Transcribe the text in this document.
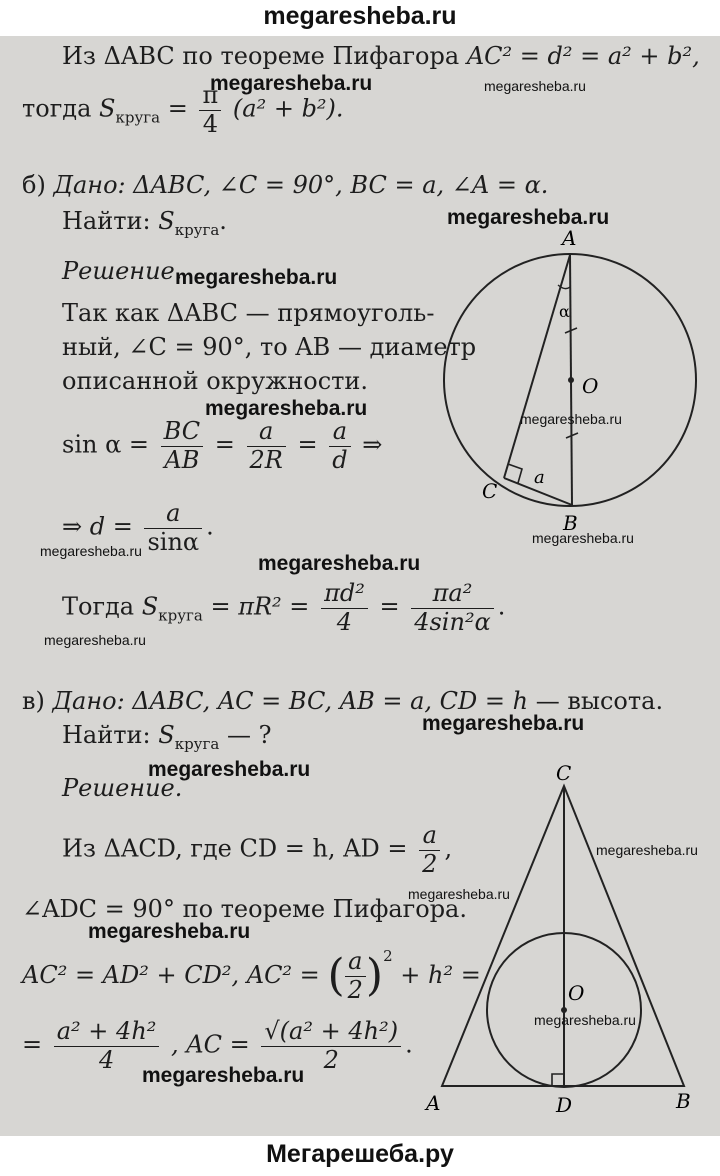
megaresheba.ru
Из ΔABC по теореме Пифагора AC² = d² = a² + b²,
тогда $S_{круга} = \frac{\pi}{4} (a^2 + b^2)$.
б) Дано: ΔABC, ∠C = 90°, BC = a, ∠A = α.
Найти: $S_{круга}$.
Решение.
Так как ΔABC — прямоуголь-
ный, ∠C = 90°, то AB — диаметр
описанной окружности.
$\sin \alpha = \frac{BC}{AB} = \frac{a}{2R} = \frac{a}{d}$ ⇒
⇒ $d = \frac{a}{\sin\alpha}$ .
Тогда $S_{круга} = \pi R^2 = \frac{\text{πd²}}{4} = \frac{\text{πa²}}{\text{4sin²α}}$ .
A
B
C
O
α
a
в) Дано: ΔABC, AC = BC, AB = a, CD = h — высота.
Найти: $S_{круга}$ — ?
Решение.
Из ΔACD, где CD = h, AD = $\frac{a}{2}$ ,
∠ADC = 90° по теореме Пифагора.
AC² = AD² + CD², AC² = ( $\frac{a}{2} )^2 + h^2$ =
= $\frac{\text{a² + 4h²}}{4}$ , AC = $\frac{\text{√(a² + 4h²)}}{2}$ .
C
A	B
D
O
megaresheba.ru	megaresheba.ru
megaresheba.ru
megaresheba.ru
megaresheba.ru	megaresheba.ru
megaresheba.ru
megaresheba.ru
megaresheba.ru
megaresheba.ru
megaresheba.ru
megaresheba.ru
megaresheba.ru
megaresheba.ru
megaresheba.ru
megaresheba.ru
megaresheba.ru
Мегарешеба.ру
